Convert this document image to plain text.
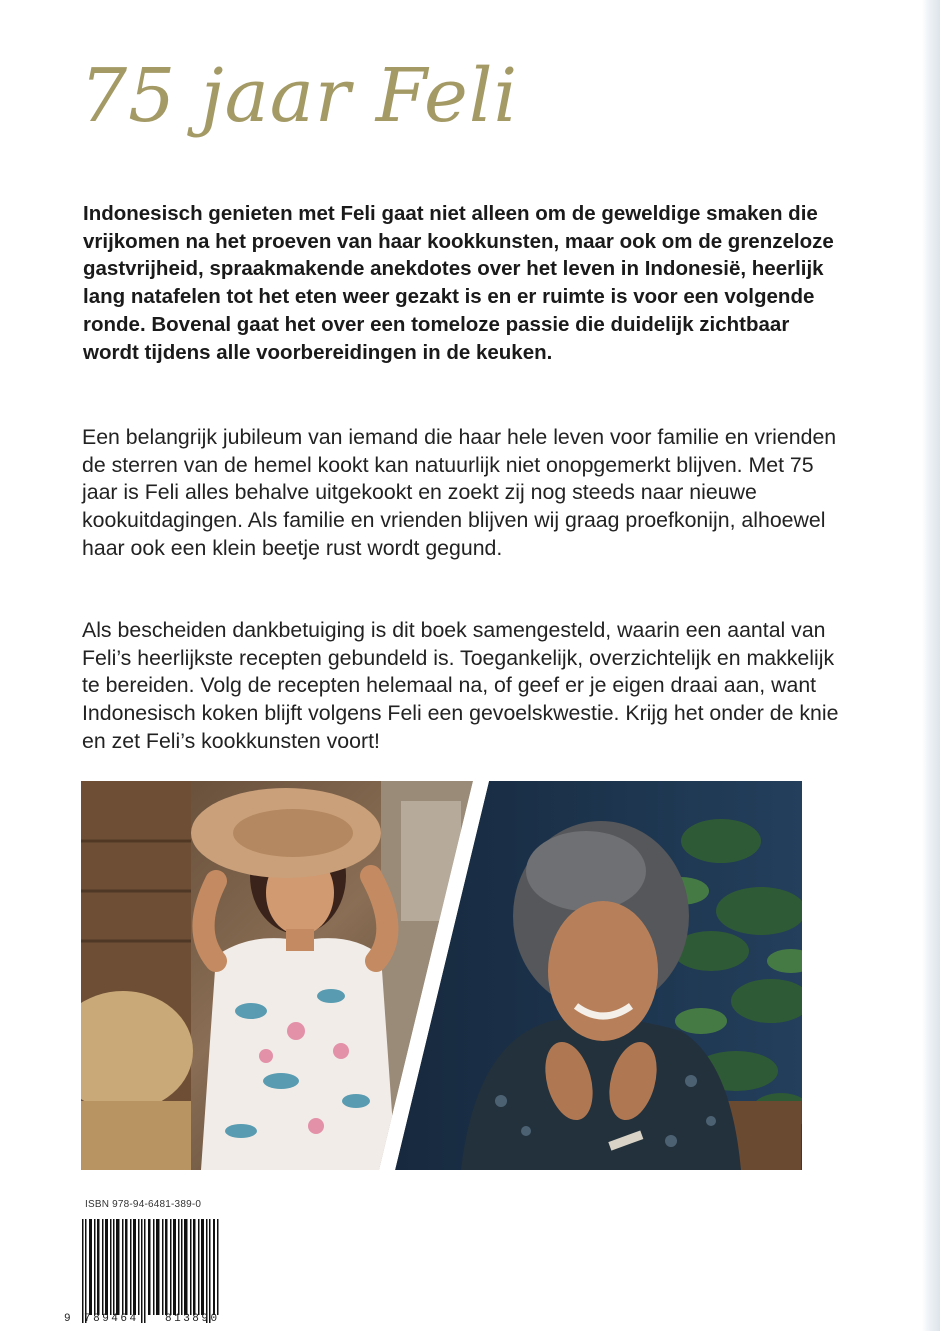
75 jaar Feli

Indonesisch genieten met Feli gaat niet alleen om de geweldige smaken die vrijkomen na het proeven van haar kookkunsten, maar ook om de grenzeloze gastvrijheid, spraakmakende anekdotes over het leven in Indonesië, heerlijk lang natafelen tot het eten weer gezakt is en er ruimte is voor een volgende ronde. Bovenal gaat het over een tomeloze passie die duidelijk zichtbaar wordt tijdens alle voorbereidingen in de keuken.

Een belangrijk jubileum van iemand die haar hele leven voor familie en vrienden de sterren van de hemel kookt kan natuurlijk niet onopgemerkt blijven. Met 75 jaar is Feli alles behalve uitgekookt en zoekt zij nog steeds naar nieuwe kookuitdagingen. Als familie en vrienden blijven wij graag proefkonijn, alhoewel haar ook een klein beetje rust wordt gegund.

Als bescheiden dankbetuiging is dit boek samengesteld, waarin een aantal van Feli’s heerlijkste recepten gebundeld is. Toegankelijk, overzichtelijk en makkelijk te bereiden. Volg de recepten helemaal na, of geef er je eigen draai aan, want Indonesisch koken blijft volgens Feli een gevoelskwestie. Krijg het onder de knie en zet Feli’s kookkunsten voort!

ISBN 978-94-6481-389-0
9 789464 813890
